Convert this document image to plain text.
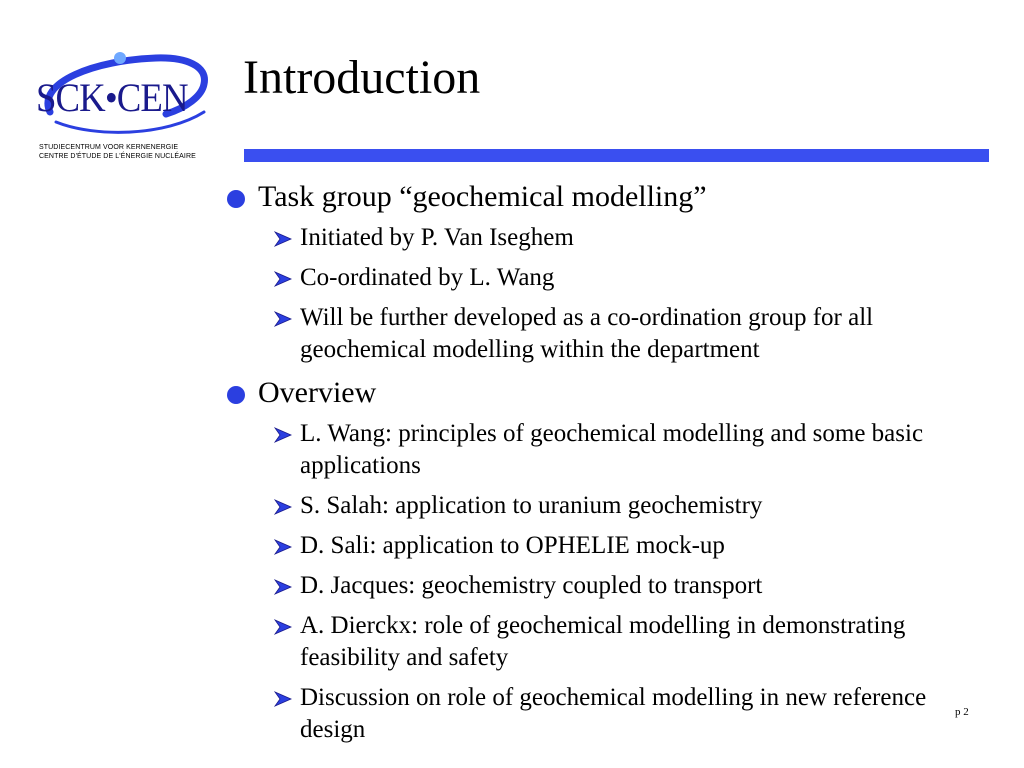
SCK•CEN
STUDIECENTRUM VOOR KERNENERGIE
CENTRE D'ÉTUDE DE L'ÉNERGIE NUCLÉAIRE
Introduction
Task group “geochemical modelling”
Initiated by P. Van Iseghem
Co-ordinated by L. Wang
Will be further developed as a co-ordination group for all geochemical modelling within the department
Overview
L. Wang: principles of geochemical modelling and some basic applications
S. Salah: application to uranium geochemistry
D. Sali: application to OPHELIE mock-up
D. Jacques: geochemistry coupled to transport
A. Dierckx: role of geochemical modelling in demonstrating feasibility and safety
Discussion on role of geochemical modelling in new reference design
p 2
